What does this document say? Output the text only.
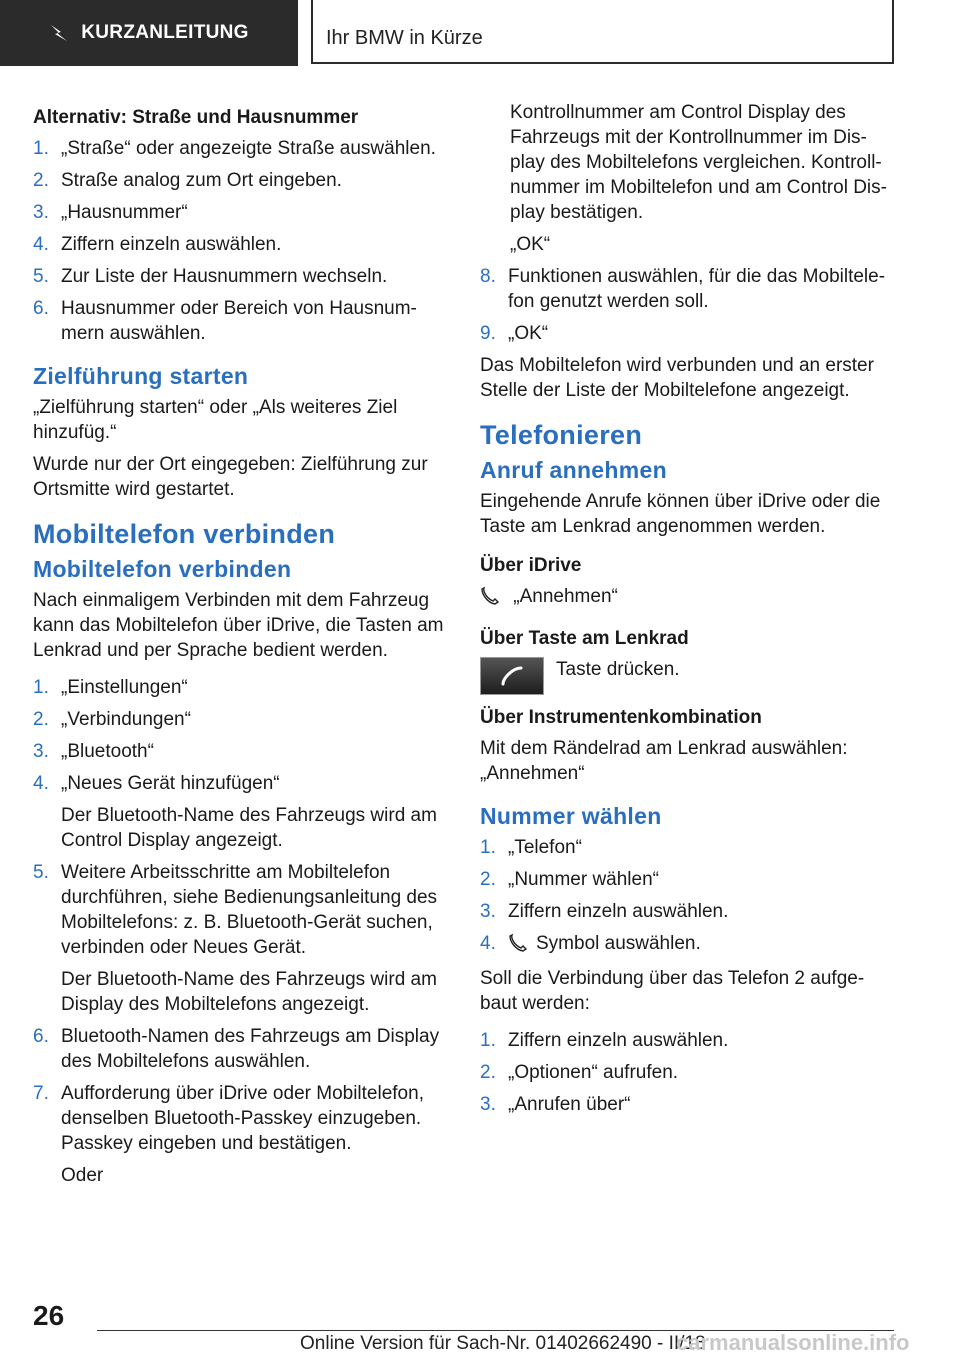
KURZANLEITUNG	Ihr BMW in Kürze
Alternativ: Straße und Hausnummer
1. „Straße“ oder angezeigte Straße auswählen.
2. Straße analog zum Ort eingeben.
3. „Hausnummer“
4. Ziffern einzeln auswählen.
5. Zur Liste der Hausnummern wechseln.
6. Hausnummer oder Bereich von Hausnum‐mern auswählen.
Zielführung starten

„Zielführung starten“ oder „Als weiteres Ziel hinzufüg.“

Wurde nur der Ort eingegeben: Zielführung zur Ortsmitte wird gestartet.

Mobiltelefon verbinden
Mobiltelefon verbinden

Nach einmaligem Verbinden mit dem Fahrzeug kann das Mobiltelefon über iDrive, die Tasten am Lenkrad und per Sprache bedient werden.

1. „Einstellungen“
2. „Verbindungen“
3. „Bluetooth“
4. „Neues Gerät hinzufügen“
Der Bluetooth-Name des Fahrzeugs wird am Control Display angezeigt.
5. Weitere Arbeitsschritte am Mobiltelefon durchführen, siehe Bedienungsanleitung des Mobiltelefons: z. B. Bluetooth-Gerät suchen, verbinden oder Neues Gerät.
Der Bluetooth-Name des Fahrzeugs wird am Display des Mobiltelefons angezeigt.
6. Bluetooth-Namen des Fahrzeugs am Display des Mobiltelefons auswählen.
7. Aufforderung über iDrive oder Mobiltelefon, denselben Bluetooth-Passkey einzugeben. Passkey eingeben und bestätigen.
Oder
Kontrollnummer am Control Display des Fahrzeugs mit der Kontrollnummer im Dis‐play des Mobiltelefons vergleichen. Kontroll‐nummer im Mobiltelefon und am Control Dis‐play bestätigen.
„OK“
8. Funktionen auswählen, für die das Mobiltele‐fon genutzt werden soll.
9. „OK“

Das Mobiltelefon wird verbunden und an erster Stelle der Liste der Mobiltelefone angezeigt.

Telefonieren
Anruf annehmen

Eingehende Anrufe können über iDrive oder die Taste am Lenkrad angenommen werden.

Über iDrive
„Annehmen“
Über Taste am Lenkrad
Taste drücken.
Über Instrumentenkombination

Mit dem Rändelrad am Lenkrad auswählen: „Annehmen“

Nummer wählen
1. „Telefon“
2. „Nummer wählen“
3. Ziffern einzeln auswählen.
4.	Symbol auswählen.

Soll die Verbindung über das Telefon 2 aufge‐baut werden:

1. Ziffern einzeln auswählen.
2. „Optionen“ aufrufen.
3. „Anrufen über“
26
Online Version für Sach-Nr. 01402662490 - II/18
carmanualsonline.info
